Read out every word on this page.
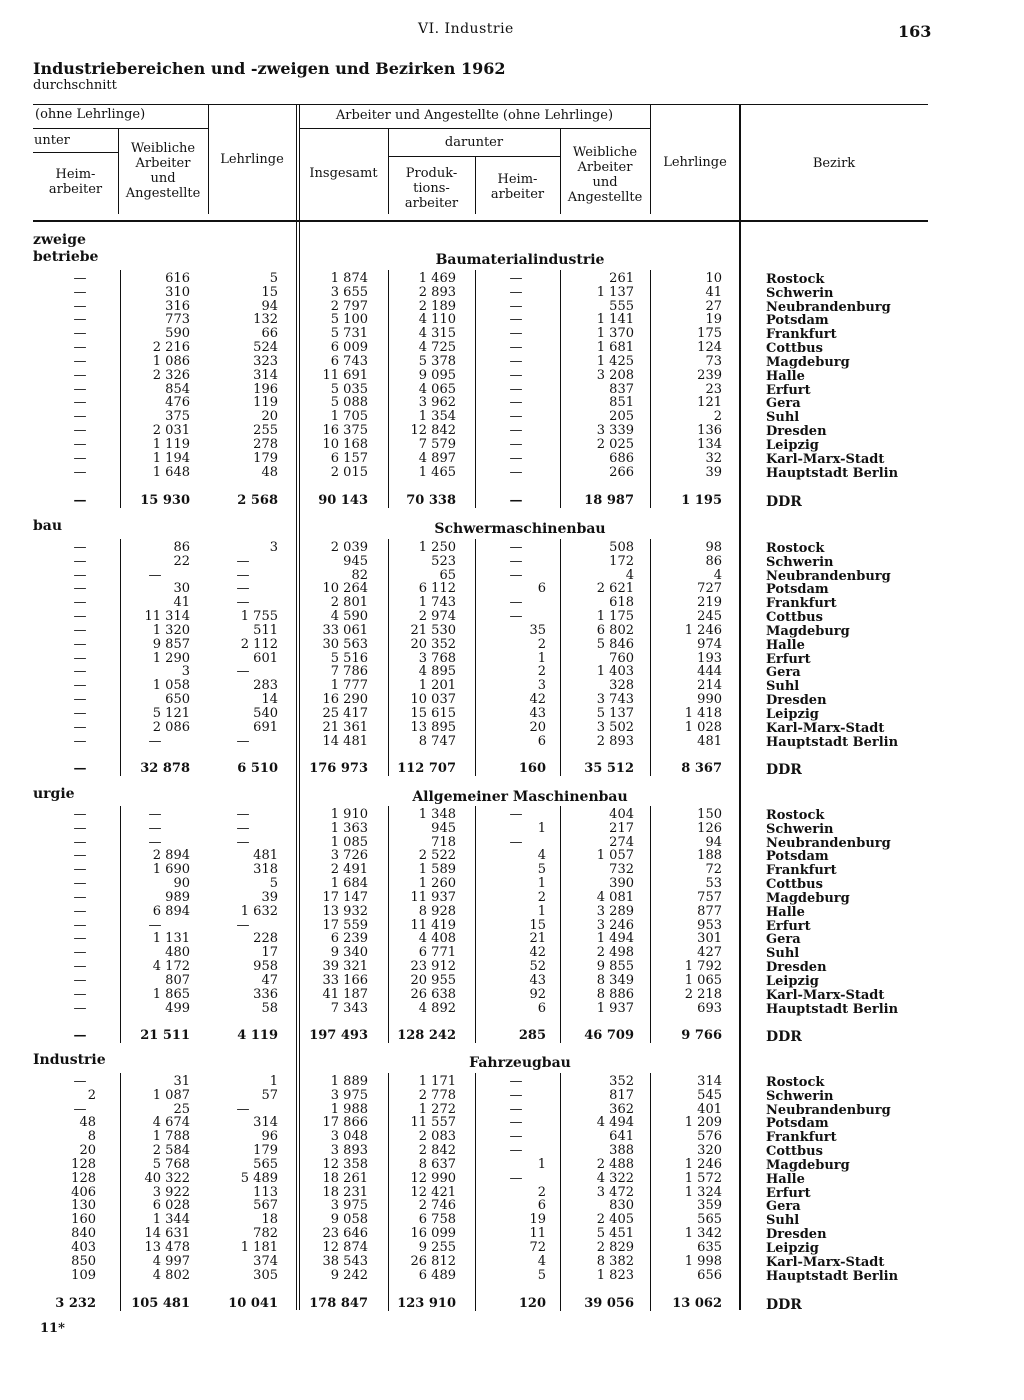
VI. Industrie	163
Industriebereichen und -zweigen und Bezirken 1962
durchschnitt
(ohne Lehrlinge)
unter
Heim-
arbeiter
Weibliche
Arbeiter
und
Angestellte
Lehrlinge
Arbeiter und Angestellte (ohne Lehrlinge)
Insgesamt
darunter
Produk-
tions-
arbeiter
Heim-
arbeiter
Weibliche
Arbeiter
und
Angestellte
Lehrlinge	Bezirk
zweige
betriebe	Baumaterialindustrie
—	616	5	1 874	1 469	—	261	10	Rostock
—	310	15	3 655	2 893	—	1 137	41	Schwerin
—	316	94	2 797	2 189	—	555	27	Neubrandenburg
—	773	132	5 100	4 110	—	1 141	19	Potsdam
—	590	66	5 731	4 315	—	1 370	175	Frankfurt
—	2 216	524	6 009	4 725	—	1 681	124	Cottbus
—	1 086	323	6 743	5 378	—	1 425	73	Magdeburg
—	2 326	314	11 691	9 095	—	3 208	239	Halle
—	854	196	5 035	4 065	—	837	23	Erfurt
—	476	119	5 088	3 962	—	851	121	Gera
—	375	20	1 705	1 354	—	205	2	Suhl
—	2 031	255	16 375	12 842	—	3 339	136	Dresden
—	1 119	278	10 168	7 579	—	2 025	134	Leipzig
—	1 194	179	6 157	4 897	—	686	32	Karl-Marx-Stadt
—	1 648	48	2 015	1 465	—	266	39	Hauptstadt Berlin
—	15 930	2 568	90 143	70 338	—	18 987	1 195	DDR
bau	Schwermaschinenbau
—	86	3	2 039	1 250	—	508	98	Rostock
—	22	—	945	523	—	172	86	Schwerin
—	—	—	82	65	—	4	4	Neubrandenburg
—	30	—	10 264	6 112	6	2 621	727	Potsdam
—	41	—	2 801	1 743	—	618	219	Frankfurt
—	11 314	1 755	4 590	2 974	—	1 175	245	Cottbus
—	1 320	511	33 061	21 530	35	6 802	1 246	Magdeburg
—	9 857	2 112	30 563	20 352	2	5 846	974	Halle
—	1 290	601	5 516	3 768	1	760	193	Erfurt
—	3	—	7 786	4 895	2	1 403	444	Gera
—	1 058	283	1 777	1 201	3	328	214	Suhl
—	650	14	16 290	10 037	42	3 743	990	Dresden
—	5 121	540	25 417	15 615	43	5 137	1 418	Leipzig
—	2 086	691	21 361	13 895	20	3 502	1 028	Karl-Marx-Stadt
—	—	—	14 481	8 747	6	2 893	481	Hauptstadt Berlin
—	32 878	6 510	176 973	112 707	160	35 512	8 367	DDR
urgie	Allgemeiner Maschinenbau
—	—	—	1 910	1 348	—	404	150	Rostock
—	—	—	1 363	945	1	217	126	Schwerin
—	—	—	1 085	718	—	274	94	Neubrandenburg
—	2 894	481	3 726	2 522	4	1 057	188	Potsdam
—	1 690	318	2 491	1 589	5	732	72	Frankfurt
—	90	5	1 684	1 260	1	390	53	Cottbus
—	989	39	17 147	11 937	2	4 081	757	Magdeburg
—	6 894	1 632	13 932	8 928	1	3 289	877	Halle
—	—	—	17 559	11 419	15	3 246	953	Erfurt
—	1 131	228	6 239	4 408	21	1 494	301	Gera
—	480	17	9 340	6 771	42	2 498	427	Suhl
—	4 172	958	39 321	23 912	52	9 855	1 792	Dresden
—	807	47	33 166	20 955	43	8 349	1 065	Leipzig
—	1 865	336	41 187	26 638	92	8 886	2 218	Karl-Marx-Stadt
—	499	58	7 343	4 892	6	1 937	693	Hauptstadt Berlin
—	21 511	4 119	197 493	128 242	285	46 709	9 766	DDR
Industrie	Fahrzeugbau
—	31	1	1 889	1 171	—	352	314	Rostock
2	1 087	57	3 975	2 778	—	817	545	Schwerin
—	25	—	1 988	1 272	—	362	401	Neubrandenburg
48	4 674	314	17 866	11 557	—	4 494	1 209	Potsdam
8	1 788	96	3 048	2 083	—	641	576	Frankfurt
20	2 584	179	3 893	2 842	—	388	320	Cottbus
128	5 768	565	12 358	8 637	1	2 488	1 246	Magdeburg
128	40 322	5 489	18 261	12 990	—	4 322	1 572	Halle
406	3 922	113	18 231	12 421	2	3 472	1 324	Erfurt
130	6 028	567	3 975	2 746	6	830	359	Gera
160	1 344	18	9 058	6 758	19	2 405	565	Suhl
840	14 631	782	23 646	16 099	11	5 451	1 342	Dresden
403	13 478	1 181	12 874	9 255	72	2 829	635	Leipzig
850	4 997	374	38 543	26 812	4	8 382	1 998	Karl-Marx-Stadt
109	4 802	305	9 242	6 489	5	1 823	656	Hauptstadt Berlin
3 232	105 481	10 041	178 847	123 910	120	39 056	13 062	DDR
11*
